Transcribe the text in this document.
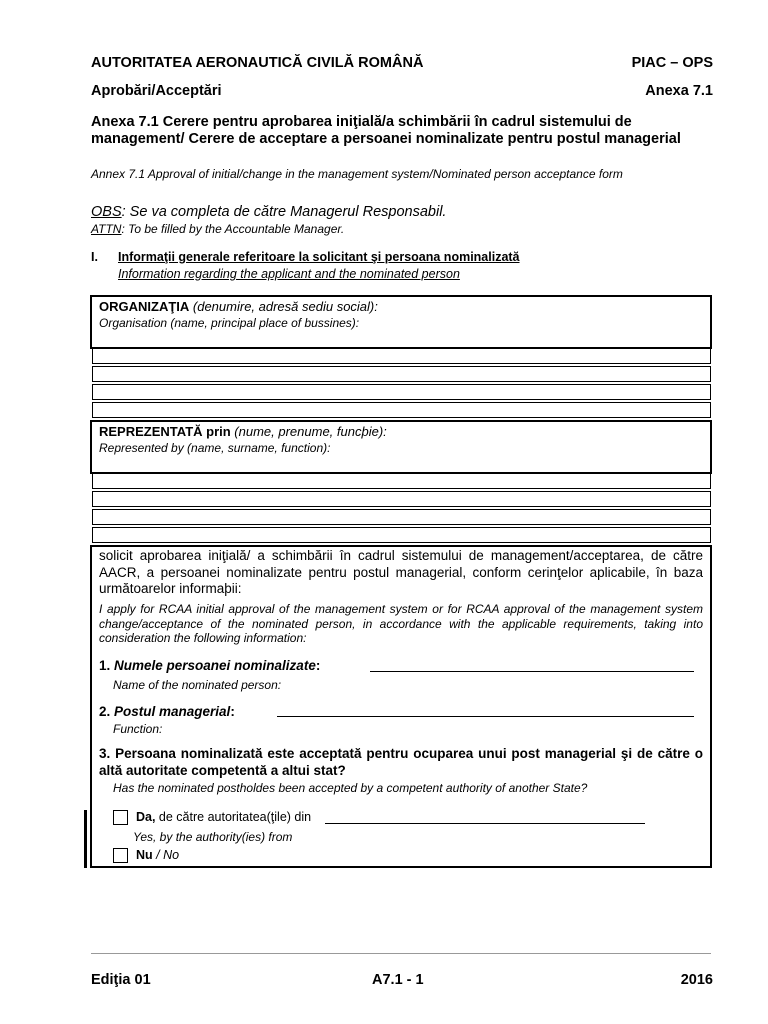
AUTORITATEA AERONAUTICĂ CIVILĂ ROMÂNĂ	PIAC – OPS
Aprobări/Acceptări	Anexa 7.1
Anexa 7.1 Cerere pentru aprobarea iniţială/a schimbării în cadrul sistemului de management/ Cerere de acceptare a persoanei nominalizate pentru postul managerial
Annex 7.1 Approval of initial/change in the management system/Nominated person acceptance form
OBS: Se va completa de către Managerul Responsabil.
ATTN: To be filled by the Accountable Manager.
I. Informaţii generale referitoare la solicitant şi persoana nominalizată
Information regarding the applicant and the nominated person
ORGANIZAŢIA (denumire, adresă sediu social):
Organisation (name, principal place of bussines):
REPREZENTATĂ prin (nume, prenume, funcþie):
Represented by (name, surname, function):
solicit aprobarea iniţială/ a schimbării în cadrul sistemului de management/acceptarea, de către AACR, a persoanei nominalizate pentru postul managerial, conform cerinţelor aplicabile, în baza următoarelor informaþii:
I apply for RCAA initial approval of the management system or for RCAA approval of the management system change/acceptance of the nominated person, in accordance with the applicable requirements, taking into consideration the following information:
1. Numele persoanei nominalizate:
Name of the nominated person:
2. Postul managerial:
Function:
3. Persoana nominalizată este acceptată pentru ocuparea unui post managerial şi de către o altă autoritate competentă a altui stat?
Has the nominated postholdes been accepted by a competent authority of another State?
Da, de către autoritatea(ţile) din
Yes, by the authority(ies) from
Nu / No
Ediţia 01	A7.1 - 1	2016
